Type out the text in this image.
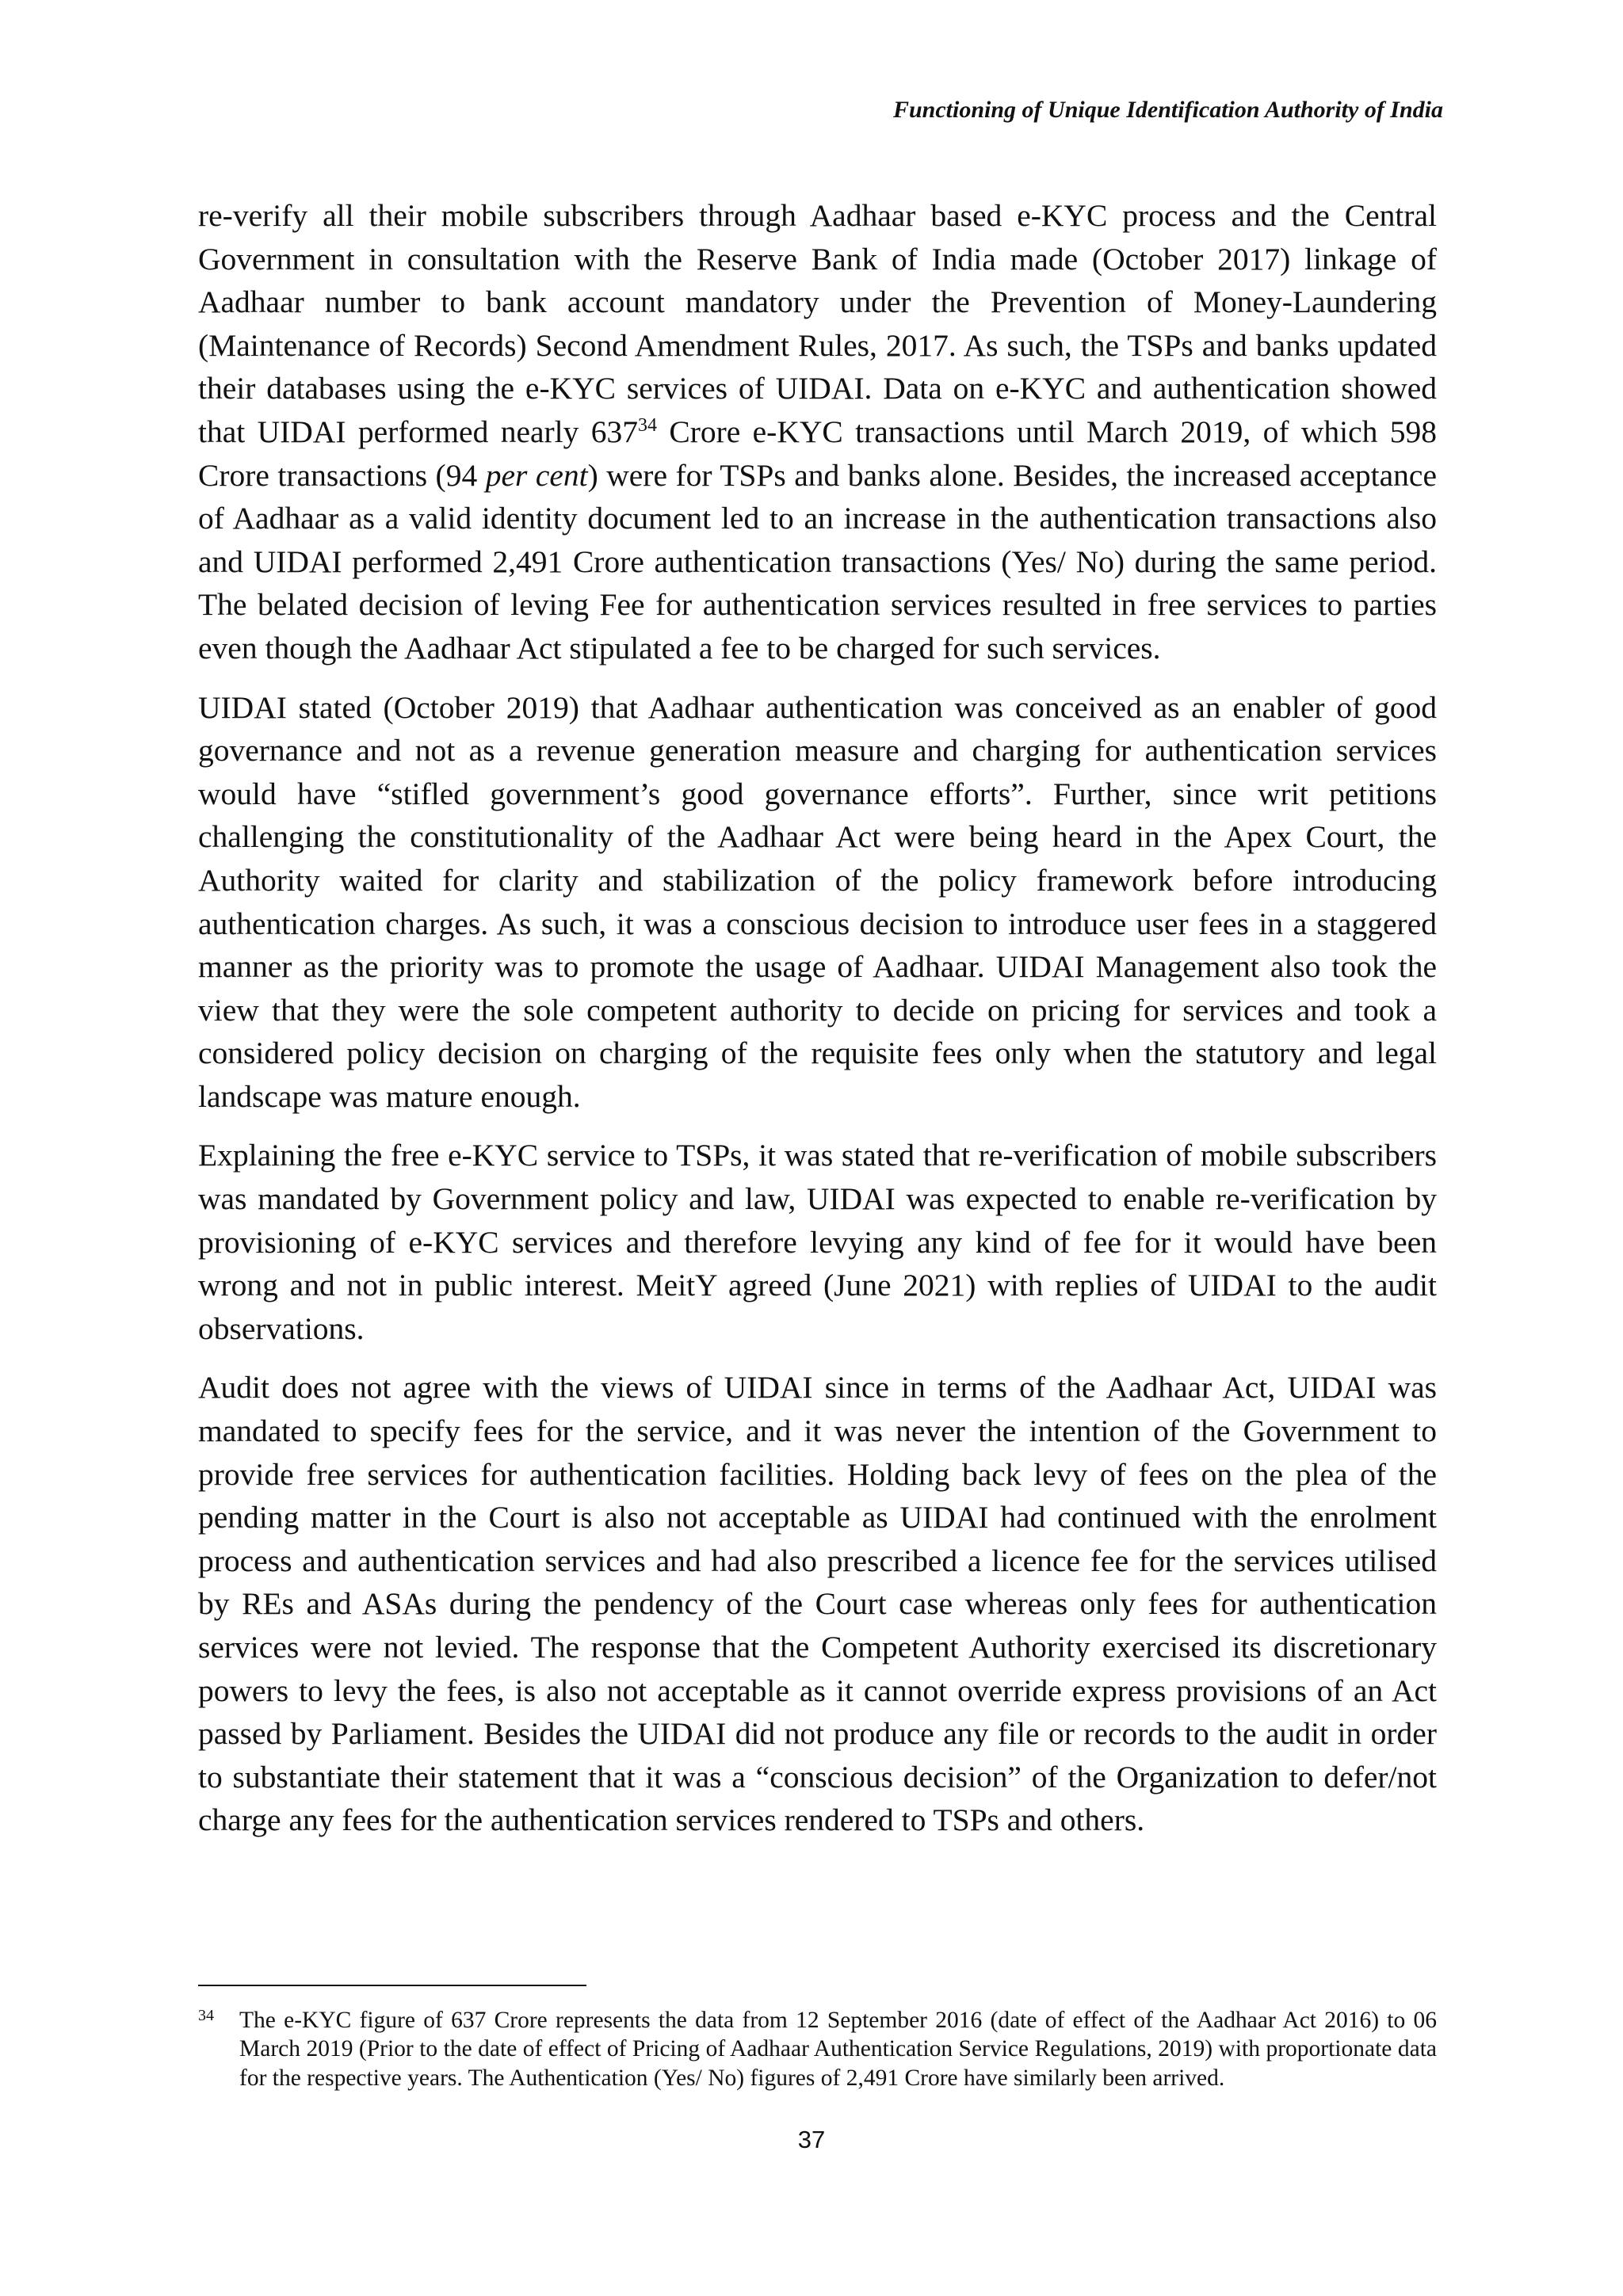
Functioning of Unique Identification Authority of India

re-verify all their mobile subscribers through Aadhaar based e-KYC process and the Central Government in consultation with the Reserve Bank of India made (October 2017) linkage of Aadhaar number to bank account mandatory under the Prevention of Money-Laundering (Maintenance of Records) Second Amendment Rules, 2017. As such, the TSPs and banks updated their databases using the e-KYC services of UIDAI. Data on e-KYC and authentication showed that UIDAI performed nearly $637^{34}$ Crore e-KYC transactions until March 2019, of which 598 Crore transactions (94 per cent) were for TSPs and banks alone. Besides, the increased acceptance of Aadhaar as a valid identity document led to an increase in the authentication transactions also and UIDAI performed 2,491 Crore authentication transactions (Yes/ No) during the same period. The belated decision of leving Fee for authentication services resulted in free services to parties even though the Aadhaar Act stipulated a fee to be charged for such services.

UIDAI stated (October 2019) that Aadhaar authentication was conceived as an enabler of good governance and not as a revenue generation measure and charging for authentication services would have “stifled government’s good governance efforts”. Further, since writ petitions challenging the constitutionality of the Aadhaar Act were being heard in the Apex Court, the Authority waited for clarity and stabilization of the policy framework before introducing authentication charges. As such, it was a conscious decision to introduce user fees in a staggered manner as the priority was to promote the usage of Aadhaar. UIDAI Management also took the view that they were the sole competent authority to decide on pricing for services and took a considered policy decision on charging of the requisite fees only when the statutory and legal landscape was mature enough.

Explaining the free e-KYC service to TSPs, it was stated that re-verification of mobile subscribers was mandated by Government policy and law, UIDAI was expected to enable re-verification by provisioning of e-KYC services and therefore levying any kind of fee for it would have been wrong and not in public interest. MeitY agreed (June 2021) with replies of UIDAI to the audit observations.

Audit does not agree with the views of UIDAI since in terms of the Aadhaar Act, UIDAI was mandated to specify fees for the service, and it was never the intention of the Government to provide free services for authentication facilities. Holding back levy of fees on the plea of the pending matter in the Court is also not acceptable as UIDAI had continued with the enrolment process and authentication services and had also prescribed a licence fee for the services utilised by REs and ASAs during the pendency of the Court case whereas only fees for authentication services were not levied. The response that the Competent Authority exercised its discretionary powers to levy the fees, is also not acceptable as it cannot override express provisions of an Act passed by Parliament. Besides the UIDAI did not produce any file or records to the audit in order to substantiate their statement that it was a “conscious decision” of the Organization to defer/not charge any fees for the authentication services rendered to TSPs and others.

34	The e-KYC figure of 637 Crore represents the data from 12 September 2016 (date of effect of the Aadhaar Act 2016) to 06 March 2019 (Prior to the date of effect of Pricing of Aadhaar Authentication Service Regulations, 2019) with proportionate data for the respective years. The Authentication (Yes/ No) figures of 2,491 Crore have similarly been arrived.
37
